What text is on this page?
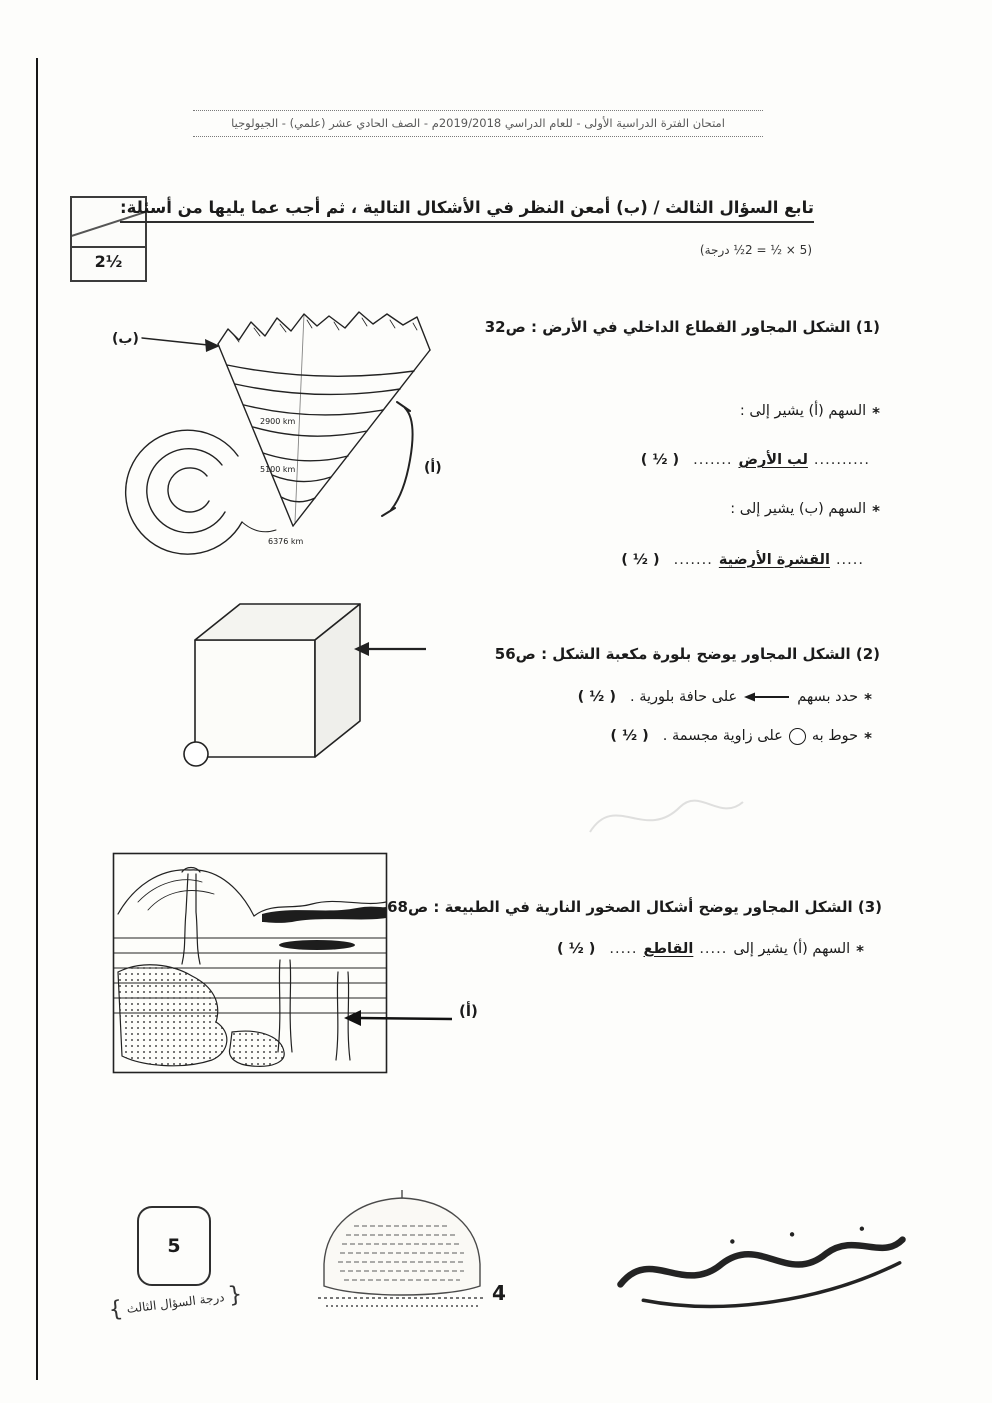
امتحان الفترة الدراسية الأولى - للعام الدراسي 2019/2018م - الصف الحادي عشر (علمي) - الجيولوجيا
2½
تابع السؤال الثالث / (ب) أمعن النظر في الأشكال التالية ، ثم أجب عما يليها من أسئلة:
(5 × ½ = 2½ درجة)
(1) الشكل المجاور القطاع الداخلي في الأرض : ص32
(ب)
(أ)
2900 km
5100 km
6376 km
*
السهم (أ) يشير إلى :
..........
لب الأرض
.......
( ½ )
*
السهم (ب) يشير إلى :
.....
القشرة الأرضية
.......
( ½ )
(2) الشكل المجاور يوضح بلورة مكعبة الشكل : ص56
*
حدد بسهم
على حافة بلورية .
( ½ )
*
حوط به
على زاوية مجسمة .
( ½ )
(3) الشكل المجاور يوضح أشكال الصخور النارية في الطبيعة : ص68
(أ)
*
السهم (أ) يشير إلى
.....
القاطع
.....
( ½ )
5
{
درجة السؤال الثالث
}
4
